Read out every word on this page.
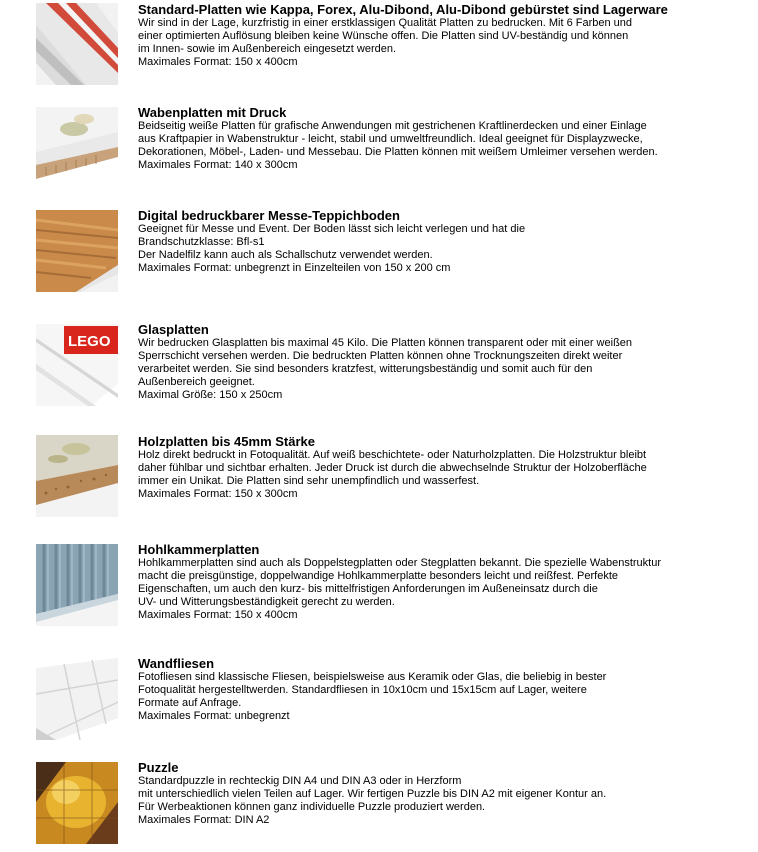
Standard-Platten wie Kappa, Forex, Alu-Dibond, Alu-Dibond gebürstet sind Lagerware
Wir sind in der Lage, kurzfristig in einer erstklassigen Qualität Platten zu bedrucken. Mit 6 Farben und
einer optimierten Auflösung bleiben keine Wünsche offen. Die Platten sind UV-beständig und können
im Innen- sowie im Außenbereich eingesetzt werden.
Maximales Format: 150 x 400cm
Wabenplatten mit Druck
Beidseitig weiße Platten für grafische Anwendungen mit gestrichenen Kraftlinerdecken und einer Einlage
aus Kraftpapier in Wabenstruktur - leicht, stabil und umweltfreundlich. Ideal geeignet für Displayzwecke,
Dekorationen, Möbel-, Laden- und Messebau. Die Platten können mit weißem Umleimer versehen werden.
Maximales Format: 140 x 300cm
Digital bedruckbarer Messe-Teppichboden
Geeignet für Messe und Event. Der Boden lässt sich leicht verlegen und hat die
Brandschutzklasse: Bfl-s1
Der Nadelfilz kann auch als Schallschutz verwendet werden.
Maximales Format: unbegrenzt in Einzelteilen von 150 x 200 cm
LEGO
Glasplatten
Wir bedrucken Glasplatten bis maximal 45 Kilo. Die Platten können transparent oder mit einer weißen
Sperrschicht versehen werden. Die bedruckten Platten können ohne Trocknungszeiten direkt weiter
verarbeitet werden. Sie sind besonders kratzfest, witterungsbeständig und somit auch für den
Außenbereich geeignet.
Maximal Größe: 150 x 250cm
Holzplatten bis 45mm Stärke
Holz direkt bedruckt in Fotoqualität. Auf weiß beschichtete- oder Naturholzplatten. Die Holzstruktur bleibt
daher fühlbar und sichtbar erhalten. Jeder Druck ist durch die abwechselnde Struktur der Holzoberfläche
immer ein Unikat. Die Platten sind sehr unempfindlich und wasserfest.
Maximales Format: 150 x 300cm
Hohlkammerplatten
Hohlkammerplatten sind auch als Doppelstegplatten oder Stegplatten bekannt. Die spezielle Wabenstruktur
macht die preisgünstige, doppelwandige Hohlkammerplatte besonders leicht und reißfest. Perfekte
Eigenschaften, um auch den kurz- bis mittelfristigen Anforderungen im Außeneinsatz durch die
UV- und Witterungsbeständigkeit gerecht zu werden.
Maximales Format: 150 x 400cm
Wandfliesen
Fotofliesen sind klassische Fliesen, beispielsweise aus Keramik oder Glas, die beliebig in bester
Fotoqualität hergestelltwerden. Standardfliesen in 10x10cm und 15x15cm auf Lager, weitere
Formate auf Anfrage.
Maximales Format: unbegrenzt
Puzzle
Standardpuzzle in rechteckig DIN A4 und DIN A3 oder in Herzform
mit unterschiedlich vielen Teilen auf Lager. Wir fertigen Puzzle bis DIN A2 mit eigener Kontur an.
Für Werbeaktionen können ganz individuelle Puzzle produziert werden.
Maximales Format: DIN A2
